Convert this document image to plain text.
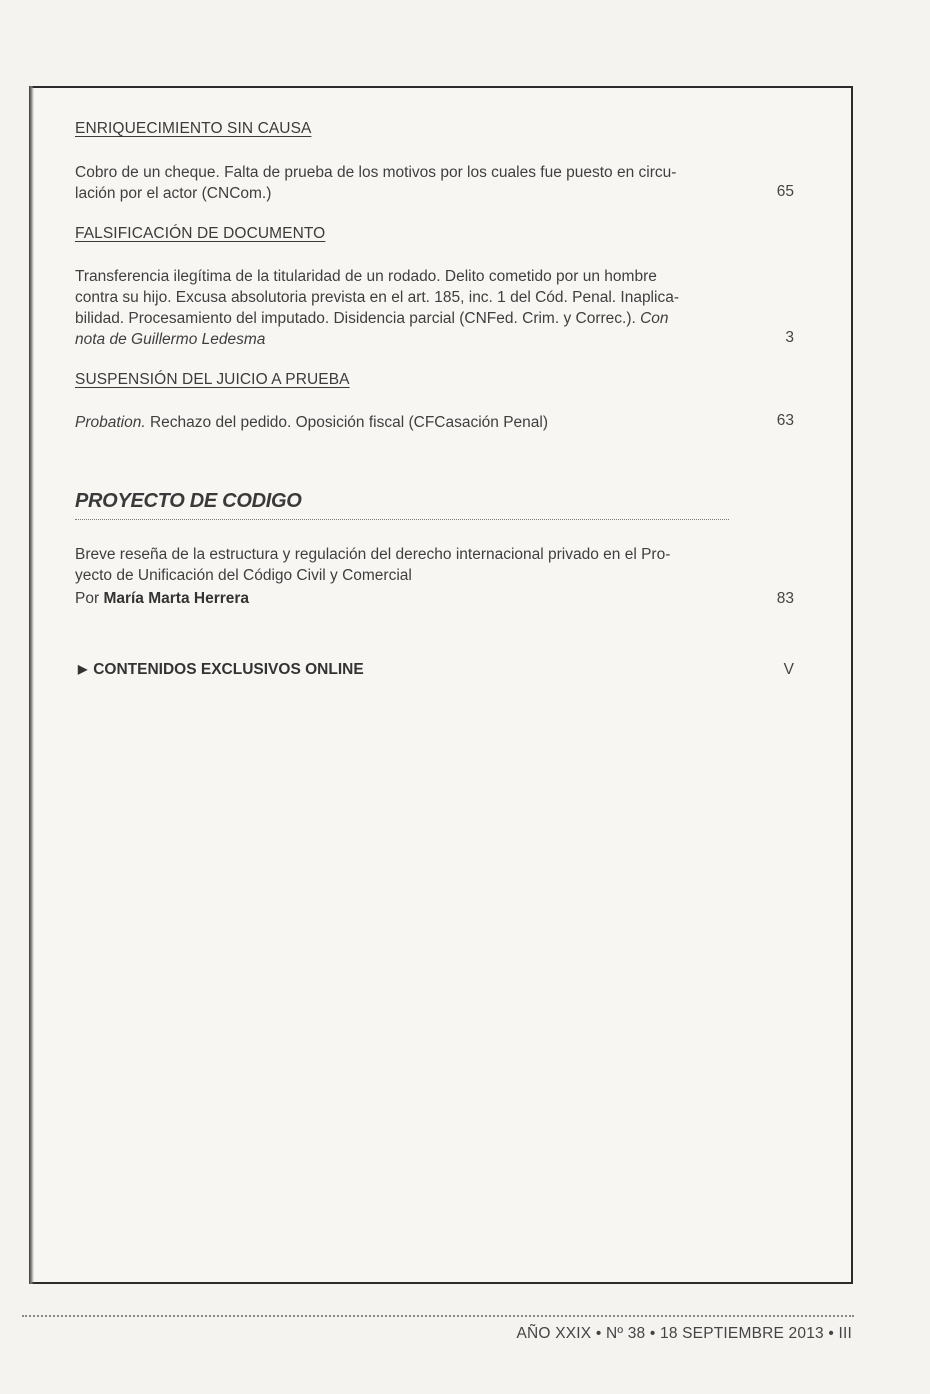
ENRIQUECIMIENTO SIN CAUSA
Cobro de un cheque. Falta de prueba de los motivos por los cuales fue puesto en circu-
lación por el actor (CNCom.)	65
FALSIFICACIÓN DE DOCUMENTO
Transferencia ilegítima de la titularidad de un rodado. Delito cometido por un hombre
contra su hijo. Excusa absolutoria prevista en el art. 185, inc. 1 del Cód. Penal. Inaplica-
bilidad. Procesamiento del imputado. Disidencia parcial (CNFed. Crim. y Correc.). Con
nota de Guillermo Ledesma	3
SUSPENSIÓN DEL JUICIO A PRUEBA
Probation. Rechazo del pedido. Oposición fiscal (CFCasación Penal)	63
PROYECTO DE CODIGO
Breve reseña de la estructura y regulación del derecho internacional privado en el Pro-
yecto de Unificación del Código Civil y Comercial
Por María Marta Herrera	83
▶ CONTENIDOS EXCLUSIVOS ONLINE	V
AÑO XXIX • Nº 38 • 18 SEPTIEMBRE 2013 • III
